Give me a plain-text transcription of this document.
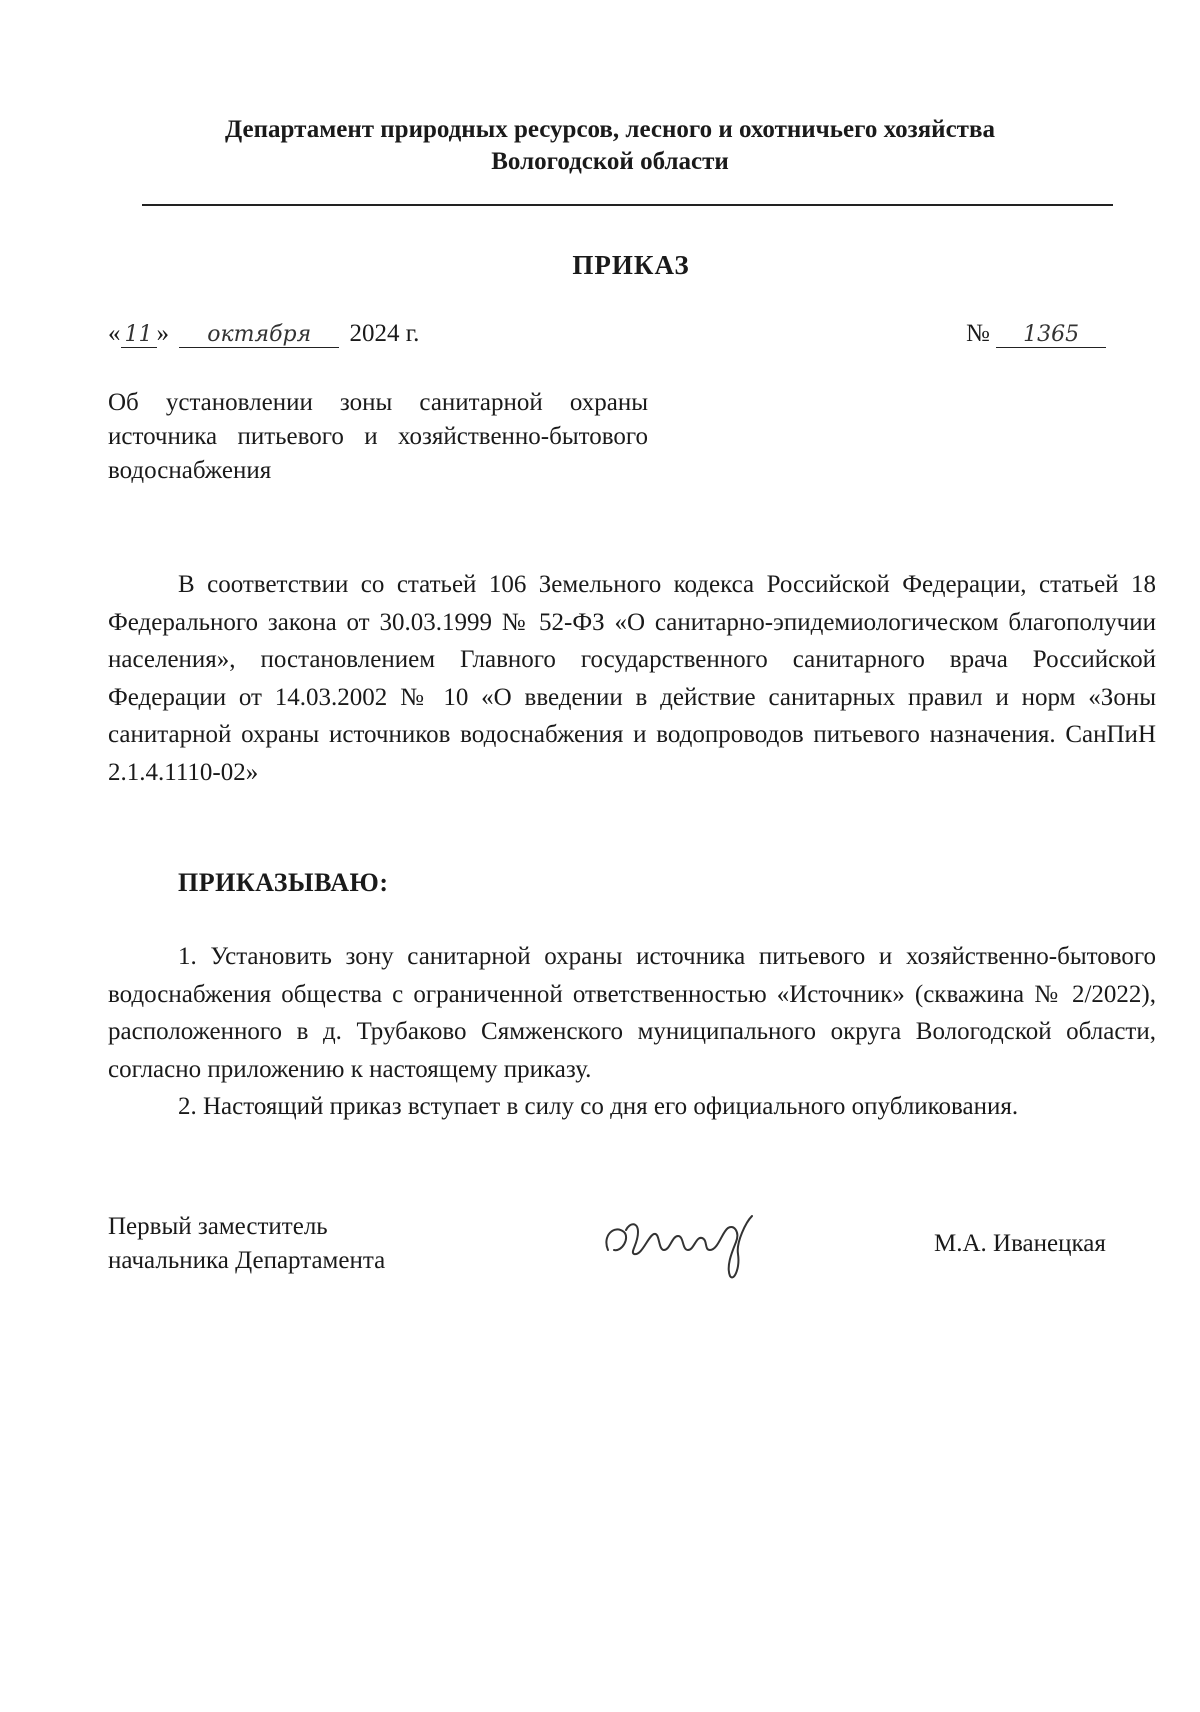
Департамент природных ресурсов, лесного и охотничьего хозяйства
Вологодской области
ПРИКАЗ
« 11 » октября 2024 г.	№ 1365
Об установлении зоны санитарной охраны источника питьевого и хозяйственно-бытового водоснабжения

В соответствии со статьей 106 Земельного кодекса Российской Федерации, статьей 18 Федерального закона от 30.03.1999 № 52-ФЗ «О санитарно-эпидемиологическом благополучии населения», постановлением Главного государственного санитарного врача Российской Федерации от 14.03.2002 № 10 «О введении в действие санитарных правил и норм «Зоны санитарной охраны источников водоснабжения и водопроводов питьевого назначения. СанПиН 2.1.4.1110-02»

ПРИКАЗЫВАЮ:

1. Установить зону санитарной охраны источника питьевого и хозяйственно-бытового водоснабжения общества с ограниченной ответственностью «Источник» (скважина № 2/2022), расположенного в д. Трубаково Сямженского муниципального округа Вологодской области, согласно приложению к настоящему приказу.

2. Настоящий приказ вступает в силу со дня его официального опубликования.

Первый заместитель
начальника Департамента
М.А. Иванецкая
